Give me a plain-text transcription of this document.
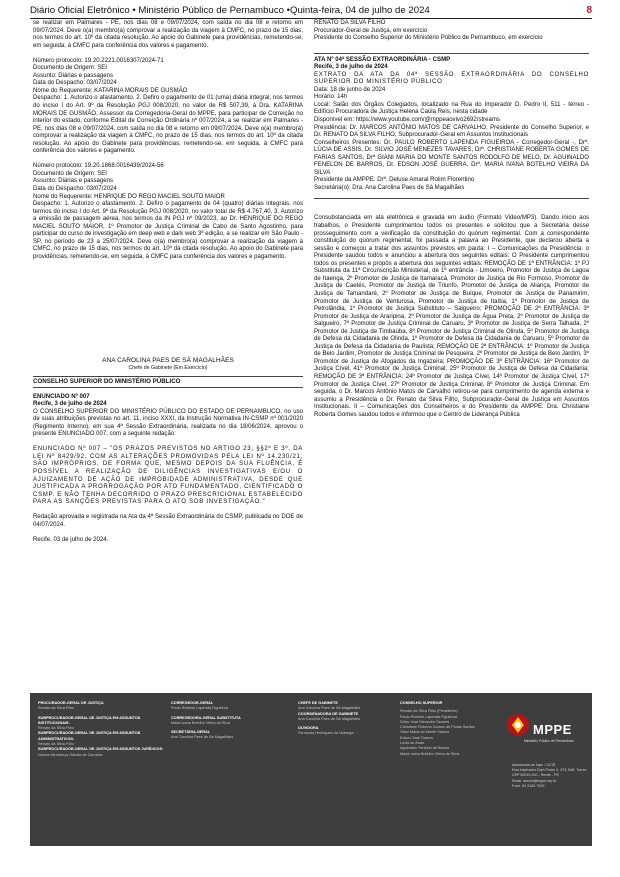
Diário Oficial Eletrônico • Ministério Público de Pernambuco •Quinta-feira, 04 de julho de 2024	8

se realizar em Palmares - PE, nos dias 08 e 09/07/2024, com saída no dia 08 e retorno em 09/07/2024. Deve o(a) membro(a) comprovar a realização da viagem à CMFC, no prazo de 15 dias, nos termos do art. 10º da citada resolução. Ao apoio do Gabinete para providências, remetendo-se, em seguida, à CMFC para conferência dos valores e pagamento.

Número protocolo: 19.20.2221.0016307/2024-71

Documento de Origem: SEI

Assunto: Diárias e passagens

Data do Despacho: 03/07/2024

Nome do Requerente: KATARINA MORAIS DE GUSMÃO

Despacho: 1. Autorizo o afastamento. 2. Defiro o pagamento de 01 (uma) diária integral, nos termos do inciso I do Art. 9º da Resolução PGJ 008/2020, no valor de R$ 507,39, à Dra. KATARINA MORAIS DE GUSMÃO, Assessor da Corregedoria-Geral do MPPE, para participar de Correição no interior do estado, conforme Edital de Correição Ordinária nº 007/2024, a se realizar em Palmares - PE, nos dias 08 e 09/07/2024, com saída no dia 08 e retorno em 09/07/2024. Deve o(a) membro(a) comprovar a realização da viagem à CMFC, no prazo de 15 dias, nos termos do art. 10º da citada resolução. Ao apoio do Gabinete para providências, remetendo-se, em seguida, à CMFC para conferência dos valores e pagamento.

Número protocolo: 19.20.1868.0016439/2024-56

Documento de Origem: SEI

Assunto: Diárias e passagens

Data do Despacho: 03/07/2024

Nome do Requerente: HENRIQUE DO REGO MACIEL SOUTO MAIOR

Despacho: 1. Autorizo o afastamento. 2. Defiro o pagamento de 04 (quatro) diárias integrais, nos termos do inciso I do Art. 9º da Resolução PGJ 008/2020, no valor total de R$ 4.767,40, 3. Autorizo a emissão de passagem aérea, nos termos da IN PGJ nº 09/2023, ao Dr. HENRIQUE DO REGO MACIEL SOUTO MAIOR, 1º Promotor de Justiça Criminal de Cabo de Santo Agostinho, para participar do curso de investigação em deep web e dark web 3ª edição, a se realizar em São Paulo - SP, no período de 23 a 25/07/2024. Deve o(a) membro(a) comprovar a realização da viagem à CMFC, no prazo de 15 dias, nos termos do art. 10º da citada resolução. Ao apoio do Gabinete para providências, remetendo-se, em seguida, à CMFC para conferência dos valores e pagamento.

ANA CAROLINA PAES DE SÁ MAGALHÃES
Chefe de Gabinete (Em Exercício)
CONSELHO SUPERIOR DO MINISTÉRIO PÚBLICO

ENUNCIADO Nº 007

Recife, 3 de julho de 2024

O CONSELHO SUPERIOR DO MINISTÉRIO PÚBLICO DO ESTADO DE PERNAMBUCO, no uso de suas atribuições previstas no art. 11, inciso XXXI, da Instrução Normativa IN-CSMP nº 001/2020 (Regimento Interno), em sua 4ª Sessão Extraordinária, realizada no dia 18/06/2024, aprovou o presente ENUNCIADO 007, com a seguinte redação:

ENUNCIADO Nº 007 – "OS PRAZOS PREVISTOS NO ARTIGO 23, §§2º E 3º, DA LEI Nº 8429/92, COM AS ALTERAÇÕES PROMOVIDAS PELA LEI Nº 14.230/21, SÃO IMPRÓPRIOS, DE FORMA QUE, MESMO DEPOIS DA SUA FLUÊNCIA, É POSSÍVEL A REALIZAÇÃO DE DILIGÊNCIAS INVESTIGATIVAS E/OU O AJUIZAMENTO DE AÇÃO DE IMPROBIDADE ADMINISTRATIVA, DESDE QUE JUSTIFICADA A PRORROGAÇÃO POR ATO FUNDAMENTADO, CIENTIFICADO O CSMP. E NÃO TENHA DECORRIDO O PRAZO PRESCRICIONAL ESTABELECIDO PARA AS SANÇÕES PREVISTAS PARA O ATO SOB INVESTIGAÇÃO."

Redação aprovada e registrada na Ata da 4ª Sessão Extraordinária do CSMP, publicada no DOE de 04/07/2024.

Recife, 03 de julho de 2024.

RENATO DA SILVA FILHO

Procurador-Geral de Justiça, em exercício

Presidente do Conselho Superior do Ministério Público de Pernambuco, em exercício

ATA Nº 04ª SESSÃO EXTRAORDINÁRIA - CSMP

Recife, 3 de julho de 2024

EXTRATO DA ATA DA 04ª SESSÃO EXTRAORDINÁRIA DO CONSELHO SUPERIOR DO MINISTÉRIO PÚBLICO

Data: 18 de junho de 2024

Horário: 14h

Local: Salão dos Órgãos Colegiados, localizado na Rua do Imperador D. Pedro II, 511 - térreo - Edifício Procuradora de Justiça Helena Caúla Reis, nesta cidade

Disponível em: https://www.youtube.com/@mppeaovivo2692/streams

Presidência: Dr. MARCOS ANTÔNIO MATOS DE CARVALHO, Presidente do Conselho Superior, e Dr. RENATO DA SILVA FILHO, Subprocurador-Geral em Assuntos Institucionais

Conselheiros Presentes: Dr. PAULO ROBERTO LAPENDA FIGUEIROA - Corregedor-Geral -, Drª. LÚCIA DE ASSIS, Dr. SILVIO JOSÉ MENEZES TAVARES, Drª. CHRISTIANE ROBERTA GOMES DE FARIAS SANTOS, Drª GIANI MARIA DO MONTE SANTOS RODOLFO DE MELO, Dr. AGUINALDO FENELON DE BARROS, Dr. EDSON JOSÉ GUERRA, Drª. MARIA IVANA BOTELHO VIEIRA DA SILVA

Presidente da AMPPE: Drª. Deluse Amaral Rolim Florentino

Secretária(o): Dra. Ana Carolina Paes de Sá Magalhães

Consubstanciada em ata eletrônica e gravada em áudio (Formato Video/MP3). Dando início aos trabalhos, o Presidente cumprimentou todos os presentes e solicitou que a Secretária desse prosseguimento com a verificação da constituição do quórum regimental. Com a correspondente constituição do quórum regimental, foi passada a palavra ao Presidente, que declarou aberta a sessão e começou a tratar dos assuntos previstos em pauta: I – Comunicações da Presidência: o Presidente saudou todos e anunciou a abertura dos seguintes editais: O Presidente cumprimentou todos os presentes e propôs a abertura dos seguintes editais: REMOÇÃO DE 1ª ENTRÂNCIA: 1º PJ Substituta da 11ª Circunscrição Ministerial, de 1ª entrância - Limoeiro, Promotor de Justiça de Lagoa de Itaenga, 2º Promotor de Justiça de Itamaracá, Promotor de Justiça de Rio Formoso, Promotor de Justiça de Caetés, Promotor de Justiça de Triunfo, Promotor de Justiça de Aliança, Promotor de Justiça de Tamandaré, 2º Promotor de Justiça de Buíque, Promotor de Justiça de Panamirim, Promotor de Justiça de Venturosa, Promotor de Justiça de Itaíba, 1º Promotor de Justiça de Petrolândia, 1º Promotor de Justiça Substituto – Salgueiro; PROMOÇÃO DE 2ª ENTRÂNCIA: 3º Promotor de Justiça de Araripina, 2º Promotor de Justiça de Água Preta, 2º Promotor de Justiça de Salgueiro, 7º Promotor de Justiça Criminal de Caruaru, 3º Promotor de Justiça de Serra Talhada, 2º Promotor de Justiça de Timbaúba, 8º Promotor de Justiça Criminal de Olinda, 5º Promotor de Justiça de Defesa da Cidadania de Olinda, 1º Promotor de Defesa da Cidadania de Caruaru, 5º Promotor de Justiça de Defesa da Cidadania de Paulista; REMOÇÃO DE 2ª ENTRÂNCIA: 1º Promotor de Justiça de Belo Jardim, Promotor de Justiça Criminal de Pesqueira, 2º Promotor de Justiça de Belo Jardim, 3º Promotor de Justiça de Afogados da Ingazeira; PROMOÇÃO DE 3ª ENTRÂNCIA: 16º Promotor de Justiça Cível, 41º Promotor de Justiça Criminal, 25º Promotor de Justiça de Defesa da Cidadania; REMOÇÃO DE 3ª ENTRÂNCIA: 24º Promotor de Justiça Cível, 14º Promotor de Justiça Cível, 17º Promotor de Justiça Cível, 27º Promotor de Justiça Criminal, 8º Promotor de Justiça Criminal. Em seguida, o Dr. Marcos Antônio Matos de Carvalho retirou-se para cumprimento de agenda externa e assumiu a Presidência o Dr. Renato da Silva Filho, Subprocurador-Geral de Justiça em Assuntos Institucionais. II – Comunicações dos Conselheiros e do Presidente da AMPPE: Dra. Christiane Roberta Gomes saudou todos e informou que o Centro de Liderança Pública

PROCURADOR-GERAL DE JUSTIÇA
Renato da Silva Filho
SUBPROCURADOR-GERAL DE JUSTIÇA EM ASSUNTOS INSTITUCIONAIS:
Renato da Silva Filho
SUBPROCURADOR-GERAL DE JUSTIÇA EM ASSUNTOS ADMINISTRATIVOS:
Renato da Silva Filho
SUBPROCURADOR-GERAL DE JUSTIÇA EM ASSUNTOS JURÍDICOS:
Norma Mendonça Galvão de Carvalho
CORREGEDOR-GERAL
Paulo Roberto Lapenda Figueiroa
CORREGEDORA-GERAL SUBSTITUTA
Maria Ivana Botelho Vieira da Silva
SECRETÁRIA-GERAL
Ana Carolina Paes de Sá Magalhães
CHEFE DE GABINETE
Ana Carolina Paes de Sá Magalhães
COORDENADORA DE GABINETE
Ana Carolina Paes de Sá Magalhães
OUVIDORA
Fernanda Henriques da Nóbrega
CONSELHO SUPERIOR
Renato da Silva Filho (Presidente)
Paulo Roberto Lapenda Figueiroa
Sílvio José Menezes Tavares
Christiane Roberta Gomes de Farias Santos
Giani Maria do Monte Santos
Edson José Guerra
Lúcia de Assis
Aguinaldo Fenelon de Barros
Maria Ivana Botelho Vieira da Silva
MPPE
Ministério Público de Pernambuco
Assessoria de Impr. / UCID
Rua Imperador Dom Pedro II, 473, Edif. Torres
CEP 50010-240 - Recife - PE
Email: ascom@mppe.mp.br
Fone: 81 3182-7000
